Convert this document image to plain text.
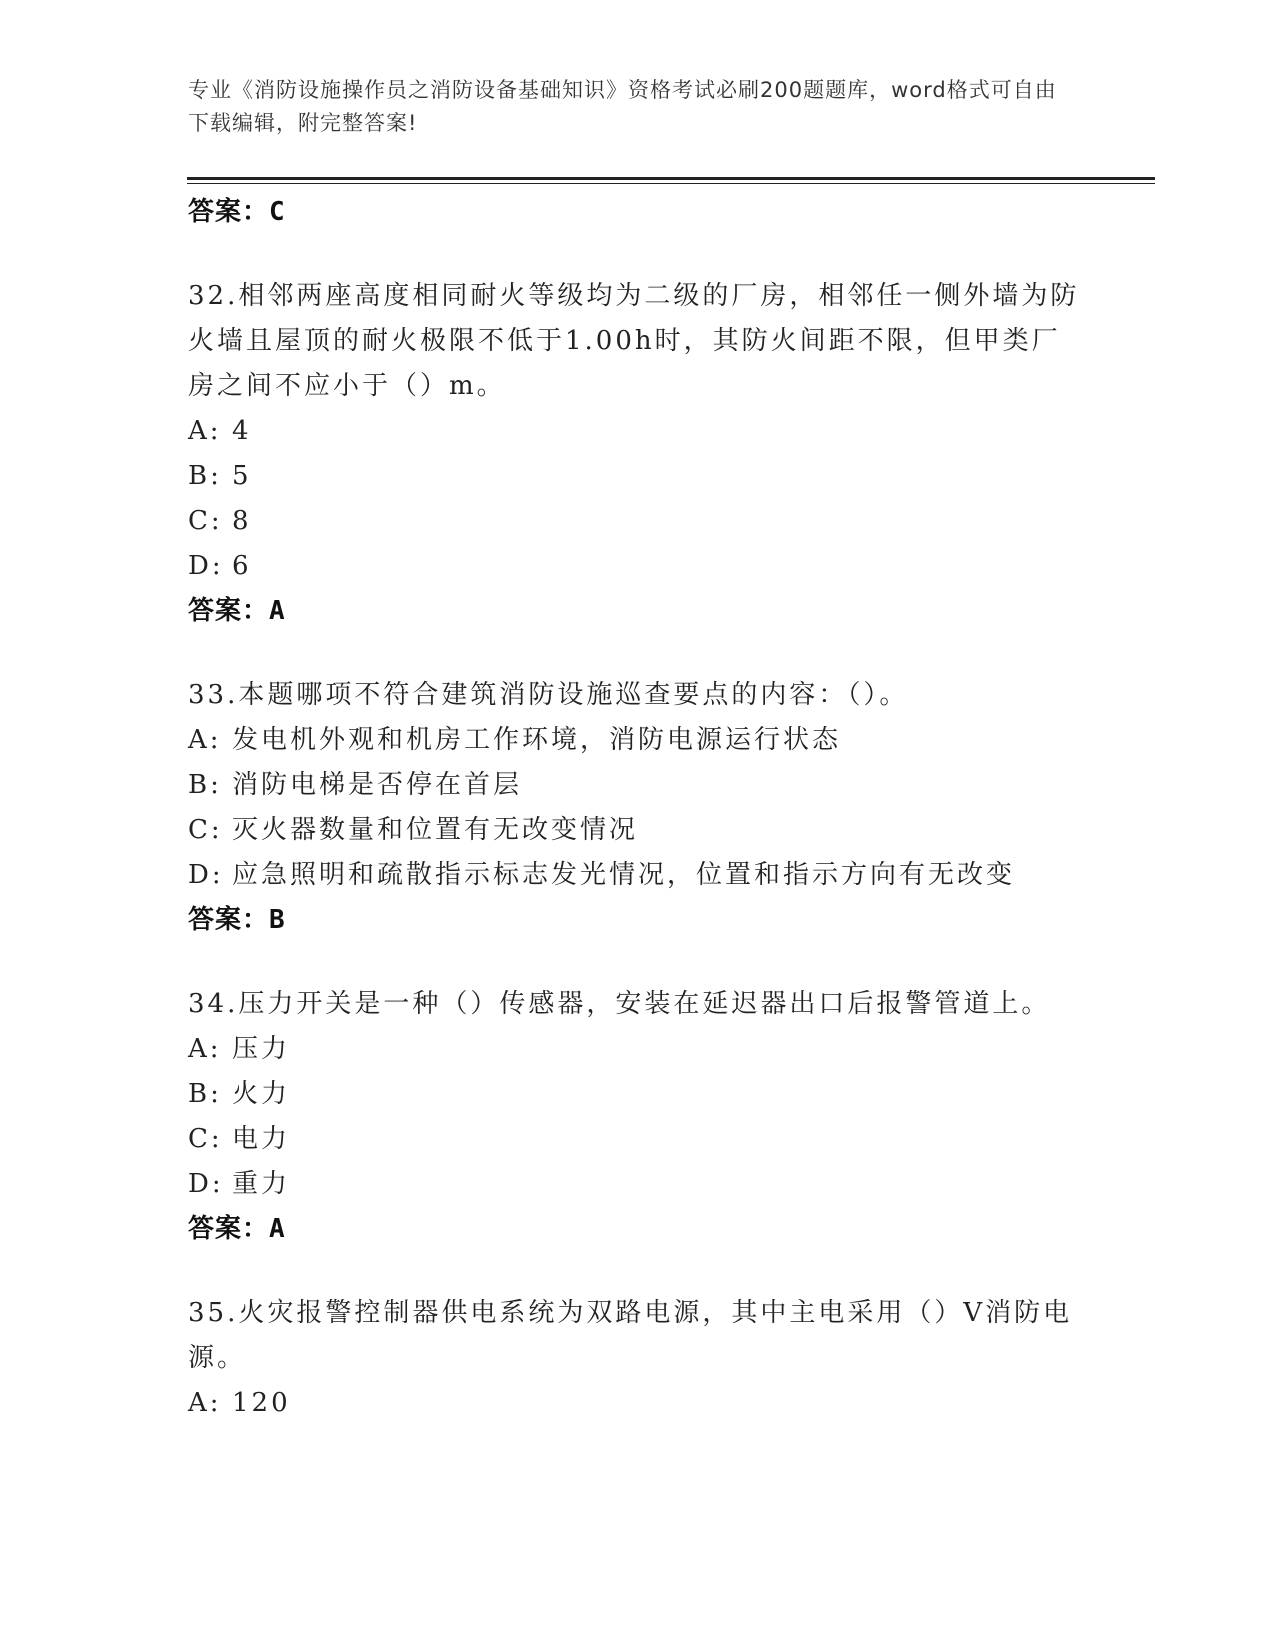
专业《消防设施操作员之消防设备基础知识》资格考试必刷200题题库，word格式可自由下载编辑，附完整答案!
答案：C
32.相邻两座高度相同耐火等级均为二级的厂房，相邻任一侧外墙为防火墙且屋顶的耐火极限不低于1.00h时，其防火间距不限，但甲类厂房之间不应小于（）m。
A: 4
B: 5
C: 8
D: 6
答案：A
33.本题哪项不符合建筑消防设施巡查要点的内容：（）。
A: 发电机外观和机房工作环境，消防电源运行状态
B: 消防电梯是否停在首层
C: 灭火器数量和位置有无改变情况
D: 应急照明和疏散指示标志发光情况，位置和指示方向有无改变
答案：B
34.压力开关是一种（）传感器，安装在延迟器出口后报警管道上。
A: 压力
B: 火力
C: 电力
D: 重力
答案：A
35.火灾报警控制器供电系统为双路电源，其中主电采用（）V消防电源。
A: 120
